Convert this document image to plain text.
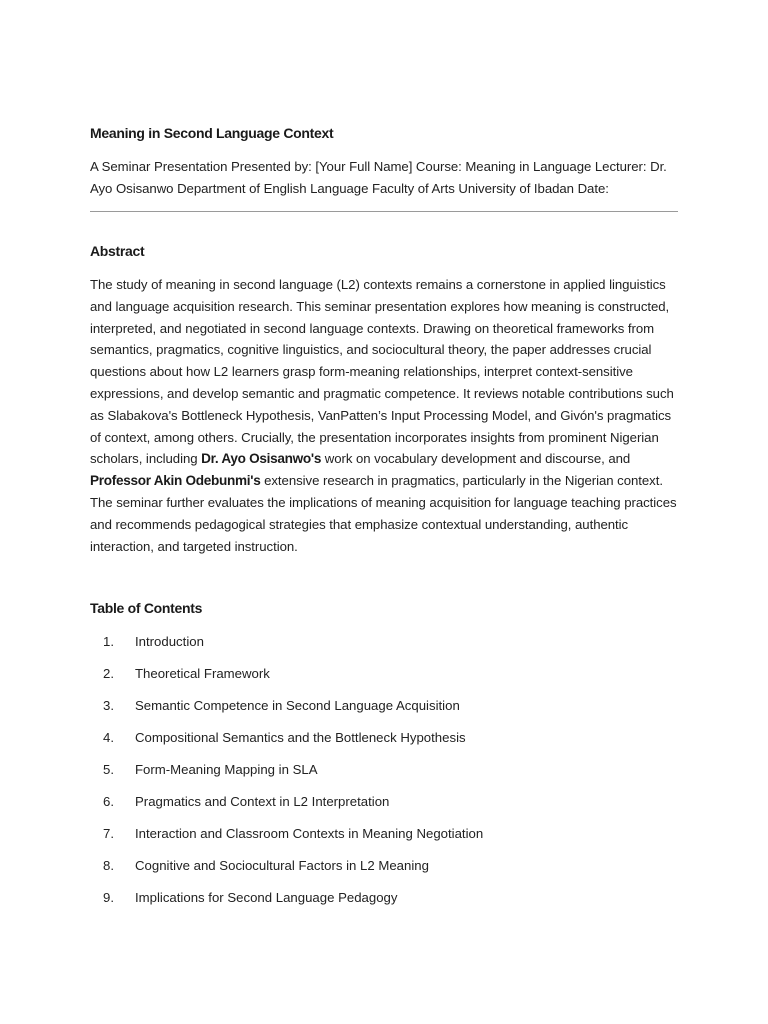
Meaning in Second Language Context

A Seminar Presentation Presented by: [Your Full Name] Course: Meaning in Language Lecturer: Dr. Ayo Osisanwo Department of English Language Faculty of Arts University of Ibadan Date:

Abstract

The study of meaning in second language (L2) contexts remains a cornerstone in applied linguistics and language acquisition research. This seminar presentation explores how meaning is constructed, interpreted, and negotiated in second language contexts. Drawing on theoretical frameworks from semantics, pragmatics, cognitive linguistics, and sociocultural theory, the paper addresses crucial questions about how L2 learners grasp form-meaning relationships, interpret context-sensitive expressions, and develop semantic and pragmatic competence. It reviews notable contributions such as Slabakova's Bottleneck Hypothesis, VanPatten’s Input Processing Model, and Givón's pragmatics of context, among others. Crucially, the presentation incorporates insights from prominent Nigerian scholars, including Dr. Ayo Osisanwo's work on vocabulary development and discourse, and Professor Akin Odebunmi's extensive research in pragmatics, particularly in the Nigerian context. The seminar further evaluates the implications of meaning acquisition for language teaching practices and recommends pedagogical strategies that emphasize contextual understanding, authentic interaction, and targeted instruction.

Table of Contents
1. Introduction
2. Theoretical Framework
3. Semantic Competence in Second Language Acquisition
4. Compositional Semantics and the Bottleneck Hypothesis
5. Form-Meaning Mapping in SLA
6. Pragmatics and Context in L2 Interpretation
7. Interaction and Classroom Contexts in Meaning Negotiation
8. Cognitive and Sociocultural Factors in L2 Meaning
9. Implications for Second Language Pedagogy
